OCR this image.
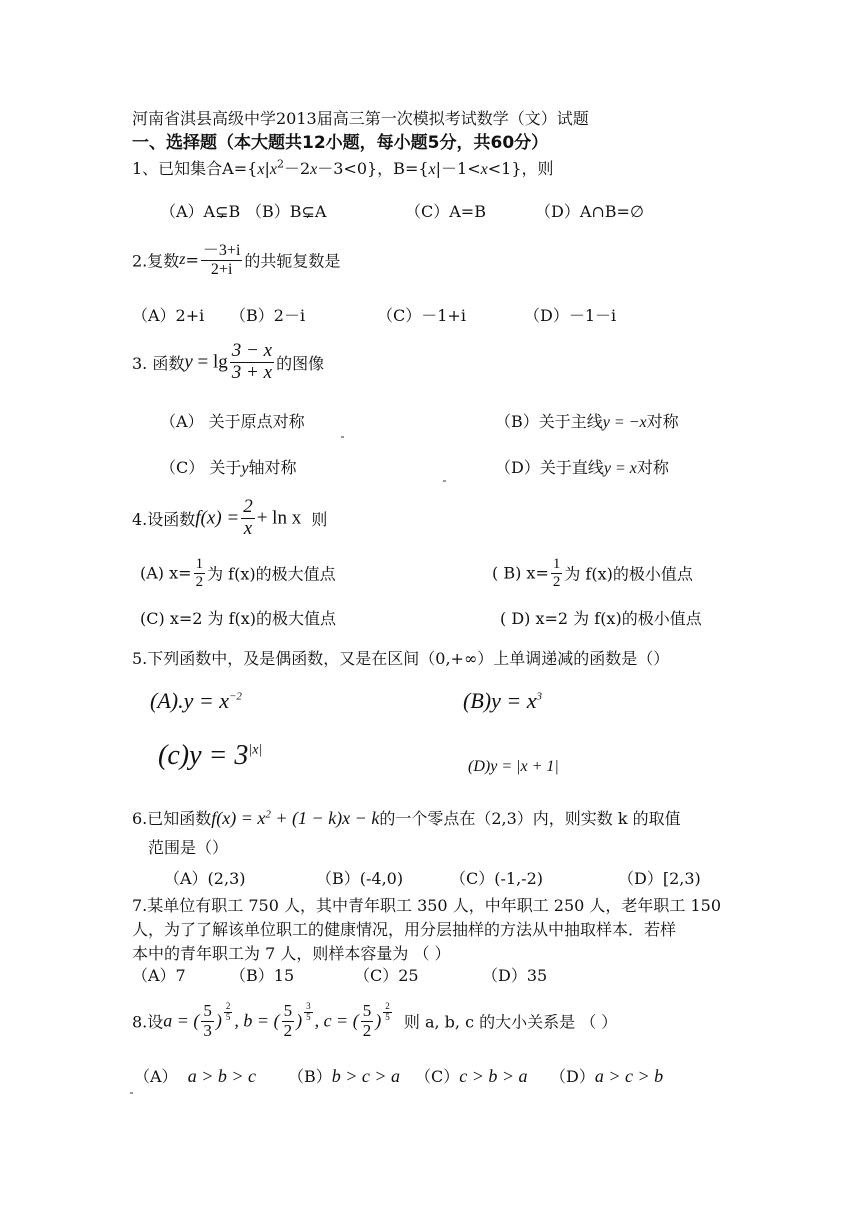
河南省淇县高级中学2013届高三第一次模拟考试数学（文）试题
一、选择题（本大题共12小题，每小题5分，共60分）
1、已知集合$A=\{x|x^2-2x-3<0\}$，B={x|－1<x<1}，则
（A）A⊊B （B）B⊊A	（C）A=B	（D）A∩B=∅
2.复数$z= \frac{-3+i}{2+i}$ 的共轭复数是
（A）2+i （B）2－i	（C）－1+i	（D）－1－i
3. 函数$y = \lg \frac{3 - x}{3 + x}$ 的图像
（A） 关于原点对称	（B）关于主线y = −x对称
（C） 关于y轴对称	（D）关于直线y = x对称
4.设函数$f(x) = \frac{2}{x} + \ln x$ 则
(A) $x= \frac{1}{2}$ 为 f(x)的极大值点	( B) $x= \frac{1}{2}$ 为 f(x)的极小值点
(C) x=2 为 f(x)的极大值点	( D) x=2 为 f(x)的极小值点
5.下列函数中，及是偶函数，又是在区间（0,+∞）上单调递减的函数是（）
$(A).y = x^{-2}$	$(B)y = x^3$
$(c)y = 3^{|x|}$
(D)y = |x + 1|
6.已知函数$f(x) = x^2 + (1 - k)x - k$的一个零点在（2,3）内，则实数 k 的取值
范围是（）
（A）(2,3)	（B）(-4,0)	（C）(-1,-2)	（D）[2,3)
7.某单位有职工 750 人，其中青年职工 350 人，中年职工 250 人，老年职工 150
人，为了了解该单位职工的健康情况，用分层抽样的方法从中抽取样本．若样
本中的青年职工为 7 人，则样本容量为 （ ）
（A）7	（B）15	（C）25	（D）35
8.设a = ( $\frac{5}{3}$ ) $\frac{2}{5}$ , b = ( $\frac{5}{2}$ ) $\frac{3}{5}$ , c = ( $\frac{5}{2}$ ) $\frac{2}{5}$ 则 a, b, c 的大小关系是 （ ）
（A） a > b > c （B）b > c > a （C）c > b > a （D）a > c > b
